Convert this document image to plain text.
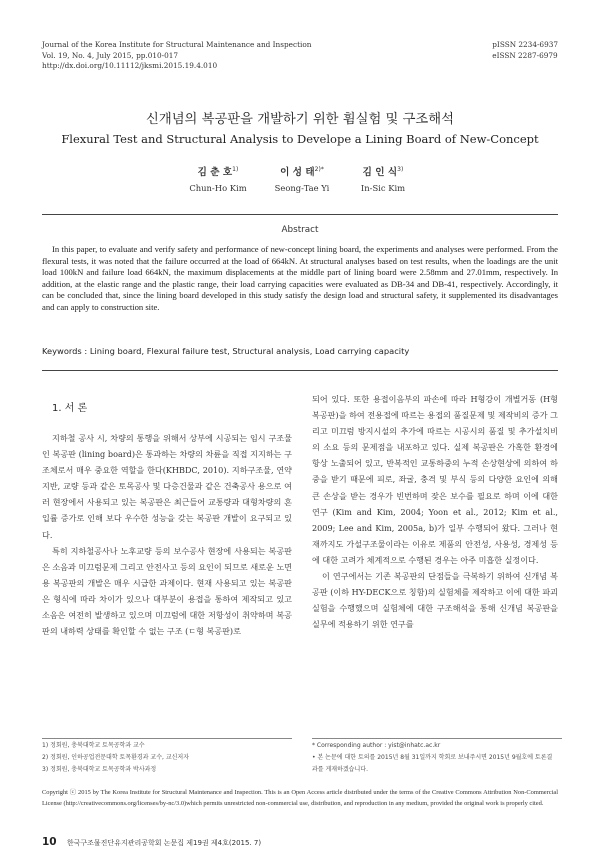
Journal of the Korea Institute for Structural Maintenance and Inspection
Vol. 19, No. 4, July 2015, pp.010-017
http://dx.doi.org/10.11112/jksmi.2015.19.4.010
pISSN 2234-6937
eISSN 2287-6979
신개념의 복공판을 개발하기 위한 휨실험 및 구조해석
Flexural Test and Structural Analysis to Develope a Lining Board of New-Concept
김 춘 호$^{1)}$
Chun-Ho Kim
이 성 태$^{2)*}$
Seong-Tae Yi
김 인 식$^{3)}$
In-Sic Kim
Abstract
In this paper, to evaluate and verify safety and performance of new-concept lining board, the experiments and analyses were performed. From the flexural tests, it was noted that the failure occurred at the load of 664kN. At structural analyses based on test results, when the loadings are the unit load 100kN and failure load 664kN, the maximum displacements at the middle part of lining board were 2.58mm and 27.01mm, respectively. In addition, at the elastic range and the plastic range, their load carrying capacities were evaluated as DB-34 and DB-41, respectively. Accordingly, it can be concluded that, since the lining board developed in this study satisfy the design load and structural safety, it supplemented its disadvantages and can apply to construction site.
Keywords : Lining board, Flexural failure test, Structural analysis, Load carrying capacity
1. 서 론

지하철 공사 시, 차량의 통행을 위해서 상부에 시공되는 임시 구조물인 복공판 (lining board)은 통과하는 차량의 차륜을 직접 지지하는 구조체로서 매우 중요한 역할을 한다(KHBDC, 2010). 지하구조물, 연약지반, 교량 등과 같은 토목공사 및 다층건물과 같은 건축공사 용으로 여러 현장에서 사용되고 있는 복공판은 최근들어 교통량과 대형차량의 흔입률 증가로 인해 보다 우수한 성능을 갖는 복공판 개발이 요구되고 있다.

특히 지하철공사나 노후교량 등의 보수공사 현장에 사용되는 복공판은 소음과 미끄럼문제 그리고 안전사고 등의 요인이 되므로 새로운 노면용 복공판의 개발은 매우 시급한 과제이다. 현재 사용되고 있는 복공판은 형식에 따라 차이가 있으나 대부분이 용접을 통하여 제작되고 있고 소음은 여전히 발생하고 있으며 미끄럼에 대한 저항성이 취약하며 복공판의 내하력 상태를 확인할 수 없는 구조 (ㄷ형 복공판)로

되어 있다. 또한 용접이음부의 파손에 따라 H형강이 개별거동 (H형 복공판)을 하여 전용접에 따르는 용접의 품질문제 및 제작비의 증가 그리고 미끄럼 방지시설의 추가에 따르는 시공시의 품질 및 추가설치비의 소요 등의 문제점을 내포하고 있다. 실제 복공판은 가혹한 환경에 항상 노출되어 있고, 반복적인 교통하중의 누적 손상현상에 의하여 하중을 받기 때문에 피로, 좌굴, 충격 및 부식 등의 다양한 요인에 의해 큰 손상을 받는 경우가 빈번하며 잦은 보수를 필요로 하며 이에 대한 연구 (Kim and Kim, 2004; Yoon et al., 2012; Kim et al., 2009; Lee and Kim, 2005a, b)가 일부 수행되어 왔다. 그러나 현재까지도 가설구조물이라는 이유로 제품의 안전성, 사용성, 경제성 등에 대한 고려가 체계적으로 수행된 경우는 아주 미흡한 실정이다.

이 연구에서는 기존 복공판의 단점들을 극복하기 위하여 신개념 복공판 (이하 HY-DECK으로 칭함)의 실험체를 제작하고 이에 대한 파괴실험을 수행했으며 실험체에 대한 구조해석을 통해 신개념 복공판을 실무에 적용하기 위한 연구를

1) 정회원, 충북대학교 토목공학과 교수
2) 정회원, 인하공업전문대학 토목환경과 교수, 교신저자
3) 정회원, 충북대학교 토목공학과 박사과정
* Corresponding author : yist@inhatc.ac.kr
• 본 논문에 대한 토의를 2015년 8월 31일까지 학회로 보내주시면 2015년 9월호에 토론결과를 게재하겠습니다.
Copyright ⓒ 2015 by The Korea Institute for Structural Maintenance and Inspection. This is an Open Access article distributed under the terms of the Creative Commons Attribution Non-Commercial License (http://creativecommons.org/licenses/by-nc/3.0)which permits unrestricted non-commercial use, distribution, and reproduction in any medium, provided the original work is properly cited.
10 한국구조물진단유지관리공학회 논문집 제19권 제4호(2015. 7)
